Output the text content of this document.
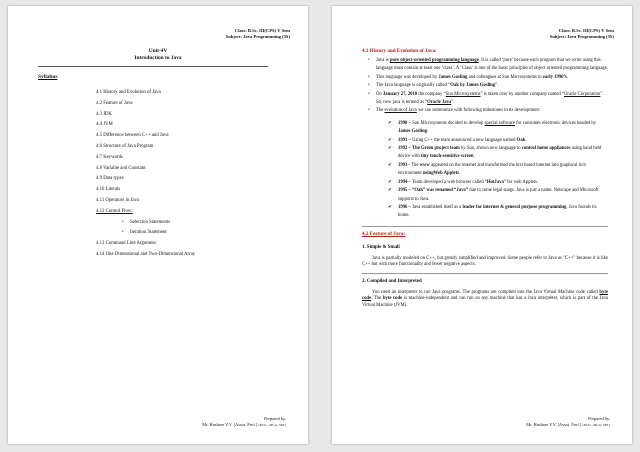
Class: B.Sc. III(CPS) V Sem
Subject: Java Programming (5S)
Unit-4V
Introduction to Java
Syllabus
4.1 History and Evolution of Java
4.2 Feature of Java
4.3 JDK
4.4 JVM
4.5 Difference between C++ and Java
4.6 Structure of Java Program
4.7 Keywords
4.8 Variable and Constant
4.9 Data types
4.10 Literals
4.11 Operators in Java
4.12 Control Flow:
• Selection Statements
• Iteration Statement
4.13 Command Line Argument
4.14 One Dimensional and Two-Dimensional Array
Prepared by,
Mr. Hushare Y.V. [Assot. Prof.] (M.Sc., MCA, SET)
Class: B.Sc. III(CPS) V Sem
Subject: Java Programming (5S)
4.1 History and Evolution of Java:
• Java is pure object-oriented programming language. It is called ‘pure’ because each program that we write using this language must contain at least one ‘class’. A ‘Class’ is one of the basic principles of object oriented programming language.
• This language was developed by James Gosling and colleagues at Sun Microsystems in early 1990’s.
• The Java language is originally called “Oak by James Gosling”.
• On January 27, 2010 the company “Sun Microsystems” is taken over by another company named “Oracle Corporation”. So, now java is termed as “Oracle Java”.
• The evolution of Java we can summarize with following milestones in its development:
✔ 1990 – Sun Microsystems decided to develop special software for consumer electronic devices headed by James Gosling.
✔ 1991 – Using C++ the team announced a new language named Oak.
✔ 1992 – The Green project team by Sun, shown new language to control home appliances using hand held device with tiny touch-sensitive screen.
✔ 1993 - The www appeared on the internet and transformed the text based internet into graphical rich environment usingWeb Applets.
✔ 1994 – Team developed a web browser called “HotJava” for web Applets.
✔ 1995 – “Oak” was renamed “Java” due to some legal snags. Java is just a name. Netscape and Microsoft supports to Java.
✔ 1996 – Java established itself as a leader for internet & general purpose programming. Java founds its home.
4.2 Feature of Java:
1. Simple & Small

Java is partially modeled on C++, but greatly simplified and improved. Some people refer to Java as "C++" because it is like C++ but with more functionality and fewer negative aspects.

2. Compiled and Interpreted

You need an interpreter to run Java programs. The programs are compiled into the Java Virtual Machine code called byte code. The byte code is machine-independent and can run on any machine that has a Java interpreter, which is part of the Java Virtual Machine (JVM).

Prepared by,
Mr. Hushare Y.V. [Assot. Prof.] (M.Sc., MCA, SET)
